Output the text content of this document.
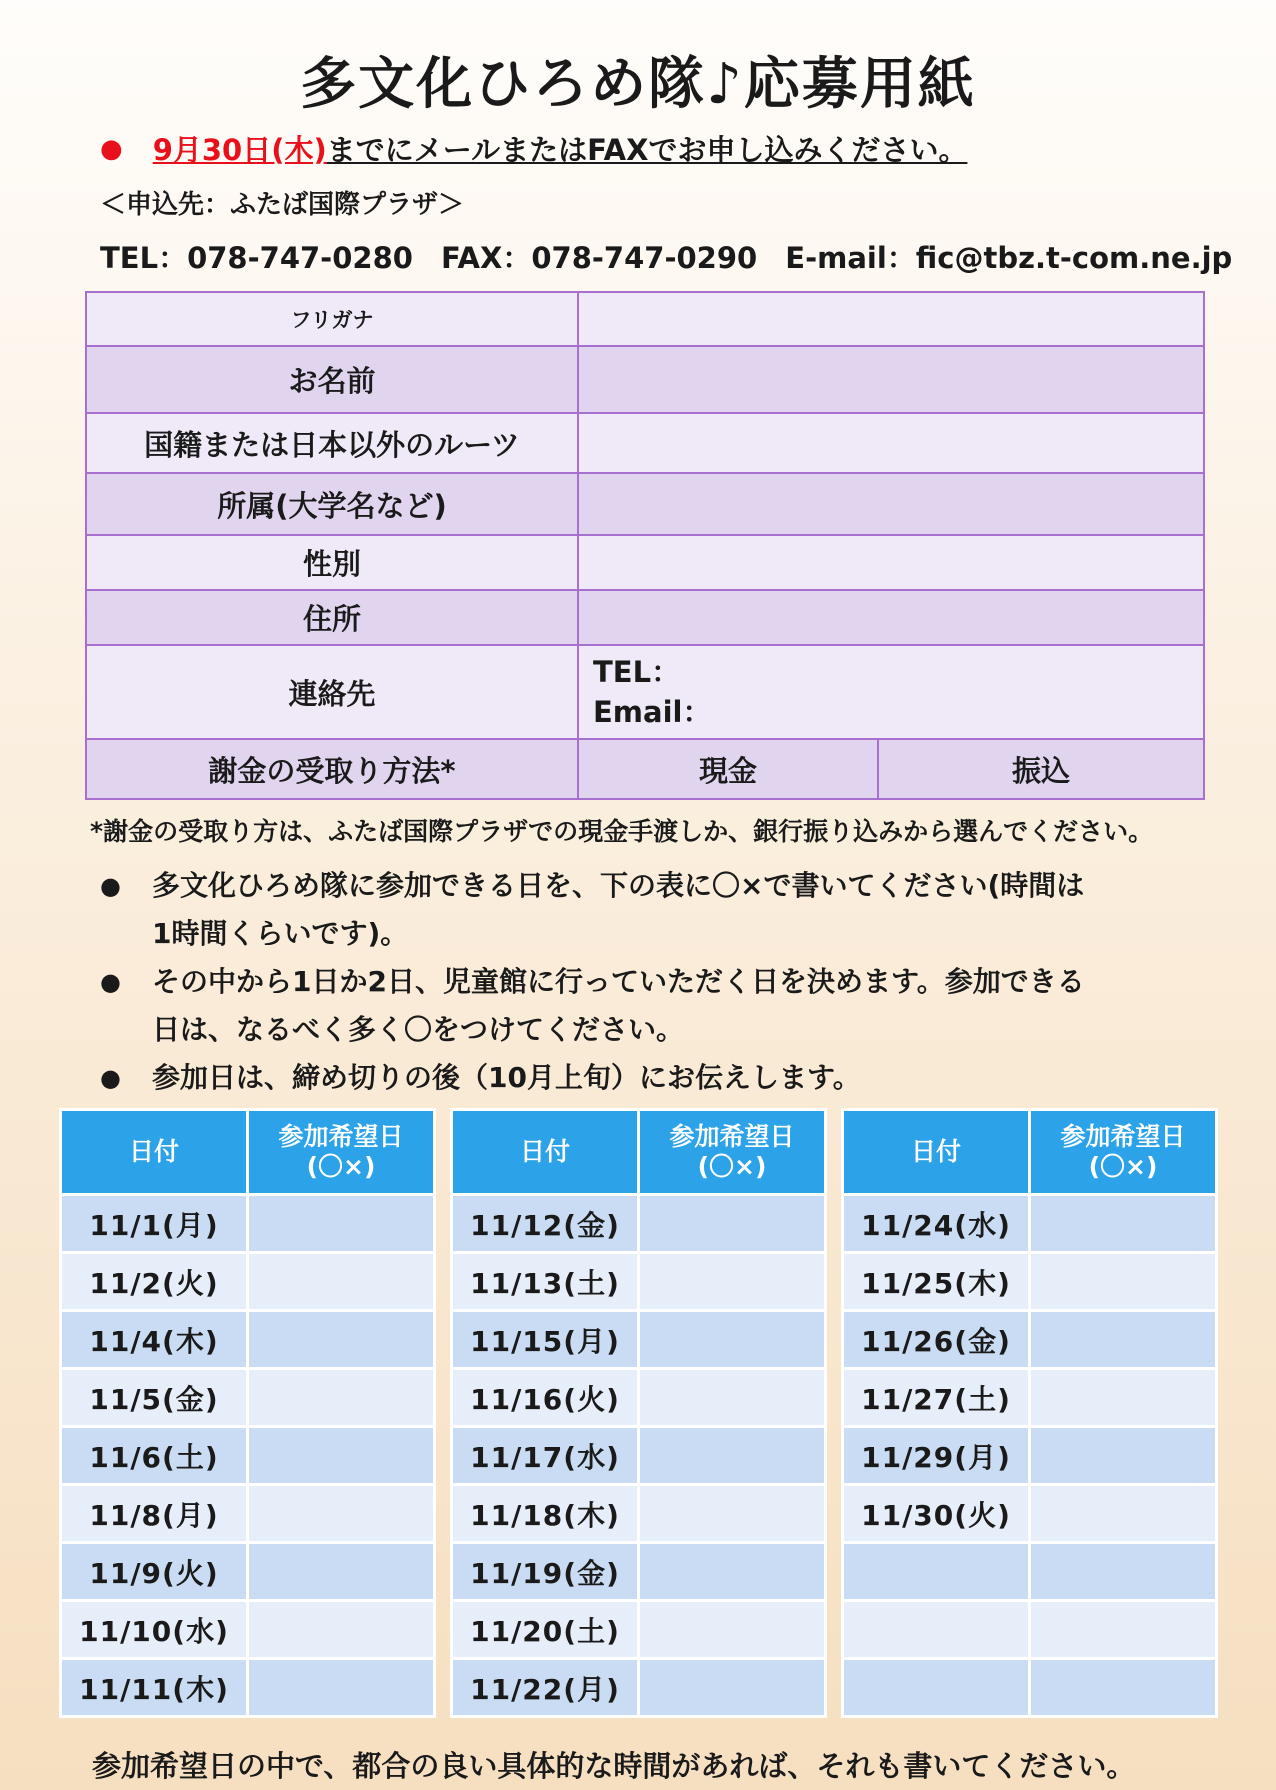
多文化ひろめ隊♪応募用紙
● 9月30日(木) までにメールまたはFAXでお申し込みください。
＜申込先：ふたば国際プラザ＞
TEL：078-747-0280 FAX：078-747-0290 E-mail：fic@tbz.t-com.ne.jp
フリガナ		
お名前		
国籍または日本以外のルーツ		
所属(大学名など)		
性別		
住所		
連絡先	TEL：
Email：	

謝金の受取り方法*	現金	振込
*謝金の受取り方は、ふたば国際プラザでの現金手渡しか、銀行振り込みから選んでください。
●	多文化ひろめ隊に参加できる日を、下の表に〇×で書いてください(時間は
1時間くらいです)。
●	その中から1日か2日、児童館に行っていただく日を決めます。参加できる
日は、なるべく多く〇をつけてください。
●	参加日は、締め切りの後（10月上旬）にお伝えします。
日付	参加希望日
(〇×)

11/1(月)	
11/2(火)	
11/4(木)	
11/5(金)	
11/6(土)	
11/8(月)	
11/9(火)	
11/10(水)	
11/11(木)	
日付	参加希望日
(〇×)

11/12(金)	
11/13(土)	
11/15(月)	
11/16(火)	
11/17(水)	
11/18(木)	
11/19(金)	
11/20(土)	
11/22(月)	
日付	参加希望日
(〇×)

11/24(水)	
11/25(木)	
11/26(金)	
11/27(土)	
11/29(月)	
11/30(火)	

参加希望日の中で、都合の良い具体的な時間があれば、それも書いてください。
